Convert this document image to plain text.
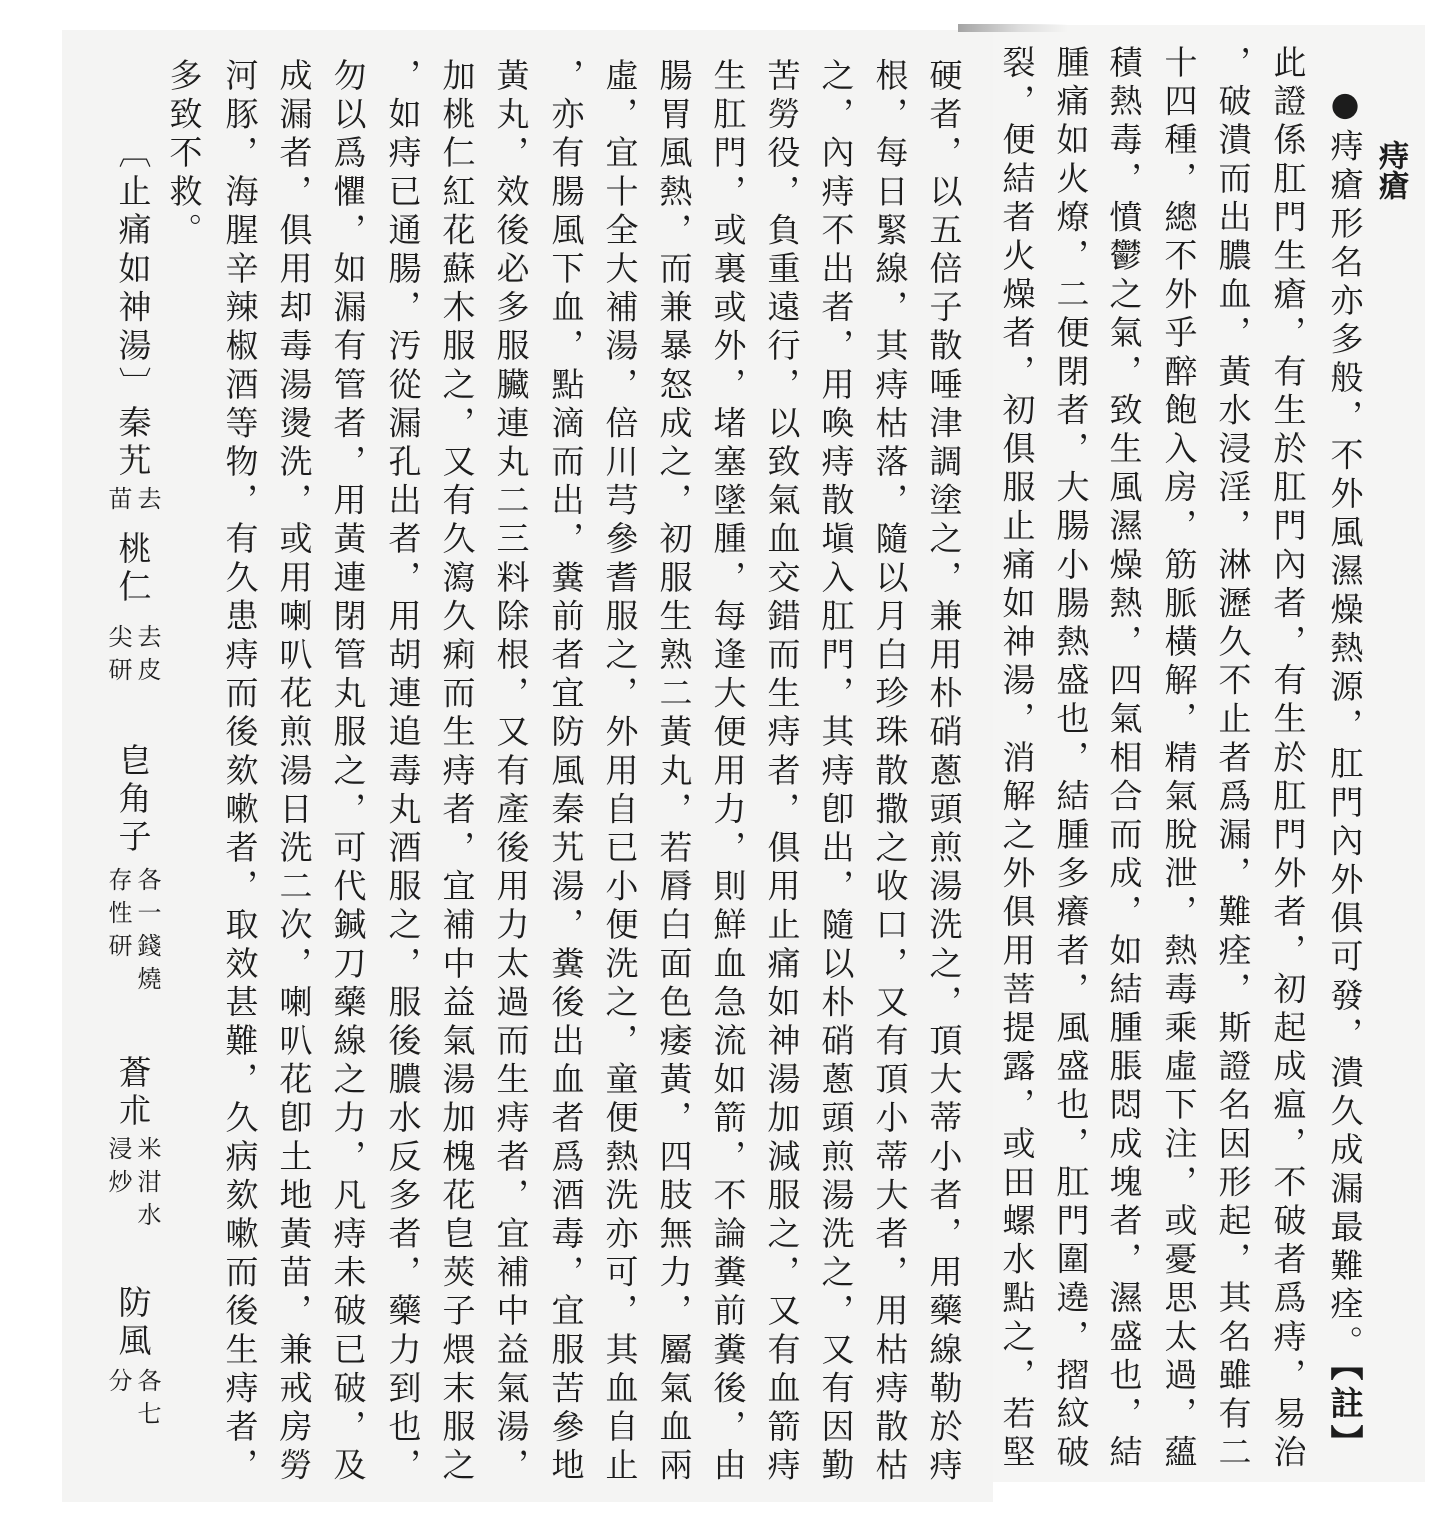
痔瘡
●痔瘡形名亦多般，不外風濕燥熱源，肛門內外俱可發，潰久成漏最難痊。【註】
此證係肛門生瘡，有生於肛門內者，有生於肛門外者，初起成瘟，不破者爲痔，易治
，破潰而出膿血，黃水浸淫，淋瀝久不止者爲漏，難痊，斯證名因形起，其名雖有二
十四種，總不外乎醉飽入房，筋脈橫解，精氣脫泄，熱毒乘虛下注，或憂思太過，蘊
積熱毒，憤鬱之氣，致生風濕燥熱，四氣相合而成，如結腫脹悶成塊者，濕盛也，結
腫痛如火燎，二便閉者，大腸小腸熱盛也，結腫多癢者，風盛也，肛門圍遶，摺紋破
裂，便結者火燥者，初俱服止痛如神湯，消解之外俱用菩提露，或田螺水點之，若堅
硬者，以五倍子散唾津調塗之，兼用朴硝蔥頭煎湯洗之，頂大蒂小者，用藥線勒於痔
根，每日緊線，其痔枯落，隨以月白珍珠散撒之收口，又有頂小蒂大者，用枯痔散枯
之，內痔不出者，用喚痔散塡入肛門，其痔卽出，隨以朴硝蔥頭煎湯洗之，又有因勤
苦勞役，負重遠行，以致氣血交錯而生痔者，俱用止痛如神湯加減服之，又有血箭痔
生肛門，或裏或外，堵塞墜腫，每逢大便用力，則鮮血急流如箭，不論糞前糞後，由
腸胃風熱，而兼暴怒成之，初服生熟二黃丸，若脣白面色痿黃，四肢無力，屬氣血兩
虛，宜十全大補湯，倍川芎參耆服之，外用自已小便洗之，童便熱洗亦可，其血自止
，亦有腸風下血，點滴而出，糞前者宜防風秦艽湯，糞後出血者爲酒毒，宜服苦參地
黃丸，效後必多服臟連丸二三料除根，又有產後用力太過而生痔者，宜補中益氣湯，
加桃仁紅花蘇木服之，又有久瀉久痢而生痔者，宜補中益氣湯加槐花皀莢子煨末服之
，如痔已通腸，汚從漏孔出者，用胡連追毒丸酒服之，服後膿水反多者，藥力到也，
勿以爲懼，如漏有管者，用黃連閉管丸服之，可代鍼刀藥線之力，凡痔未破已破，及
成漏者，俱用却毒湯燙洗，或用喇叭花煎湯日洗二次，喇叭花卽土地黃苗，兼戒房勞
河豚，海腥辛辣椒酒等物，有久患痔而後欬嗽者，取效甚難，久病欬嗽而後生痔者，
多致不救。
〔止痛如神湯〕
秦艽
去
苗
桃仁
去皮
尖研
皀角子
各一錢燒
存性研
蒼朮
米泔水
浸炒
防風
各七
分
